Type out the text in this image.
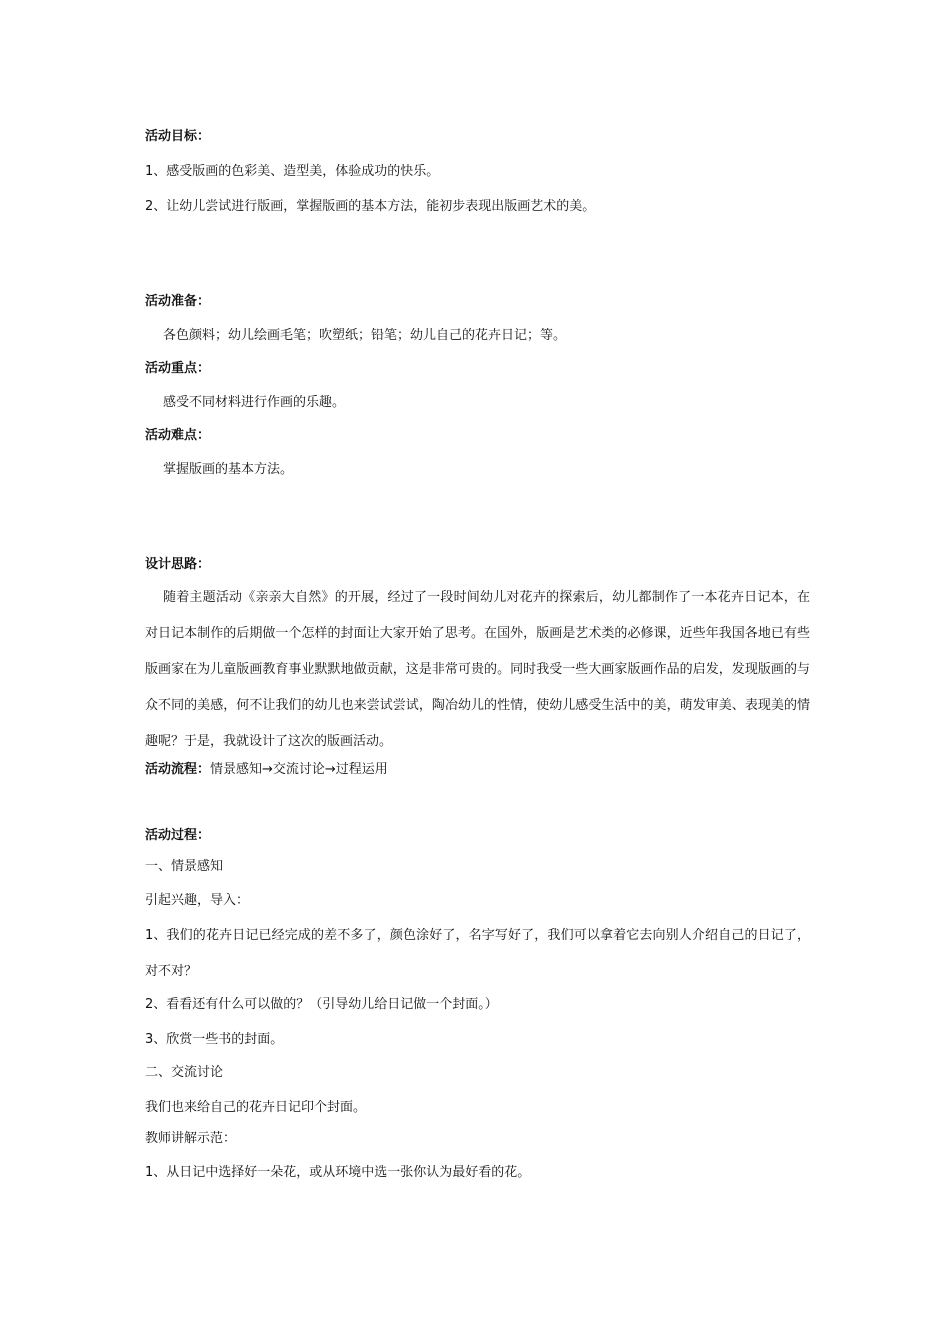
活动目标：
1、感受版画的色彩美、造型美，体验成功的快乐。
2、让幼儿尝试进行版画，掌握版画的基本方法，能初步表现出版画艺术的美。
活动准备：
各色颜料；幼儿绘画毛笔；吹塑纸；铅笔；幼儿自己的花卉日记；等。
活动重点：
感受不同材料进行作画的乐趣。
活动难点：
掌握版画的基本方法。
设计思路：

随着主题活动《亲亲大自然》的开展，经过了一段时间幼儿对花卉的探索后，幼儿都制作了一本花卉日记本，在对日记本制作的后期做一个怎样的封面让大家开始了思考。在国外，版画是艺术类的必修课，近些年我国各地已有些版画家在为儿童版画教育事业默默地做贡献，这是非常可贵的。同时我受一些大画家版画作品的启发，发现版画的与众不同的美感，何不让我们的幼儿也来尝试尝试，陶冶幼儿的性情，使幼儿感受生活中的美，萌发审美、表现美的情趣呢？于是，我就设计了这次的版画活动。

活动流程：情景感知→交流讨论→过程运用
活动过程：
一、情景感知
引起兴趣，导入：

1、我们的花卉日记已经完成的差不多了，颜色涂好了，名字写好了，我们可以拿着它去向别人介绍自己的日记了，对不对？

2、看看还有什么可以做的？（引导幼儿给日记做一个封面。）
3、欣赏一些书的封面。
二、交流讨论
我们也来给自己的花卉日记印个封面。
教师讲解示范：
1、从日记中选择好一朵花，或从环境中选一张你认为最好看的花。
